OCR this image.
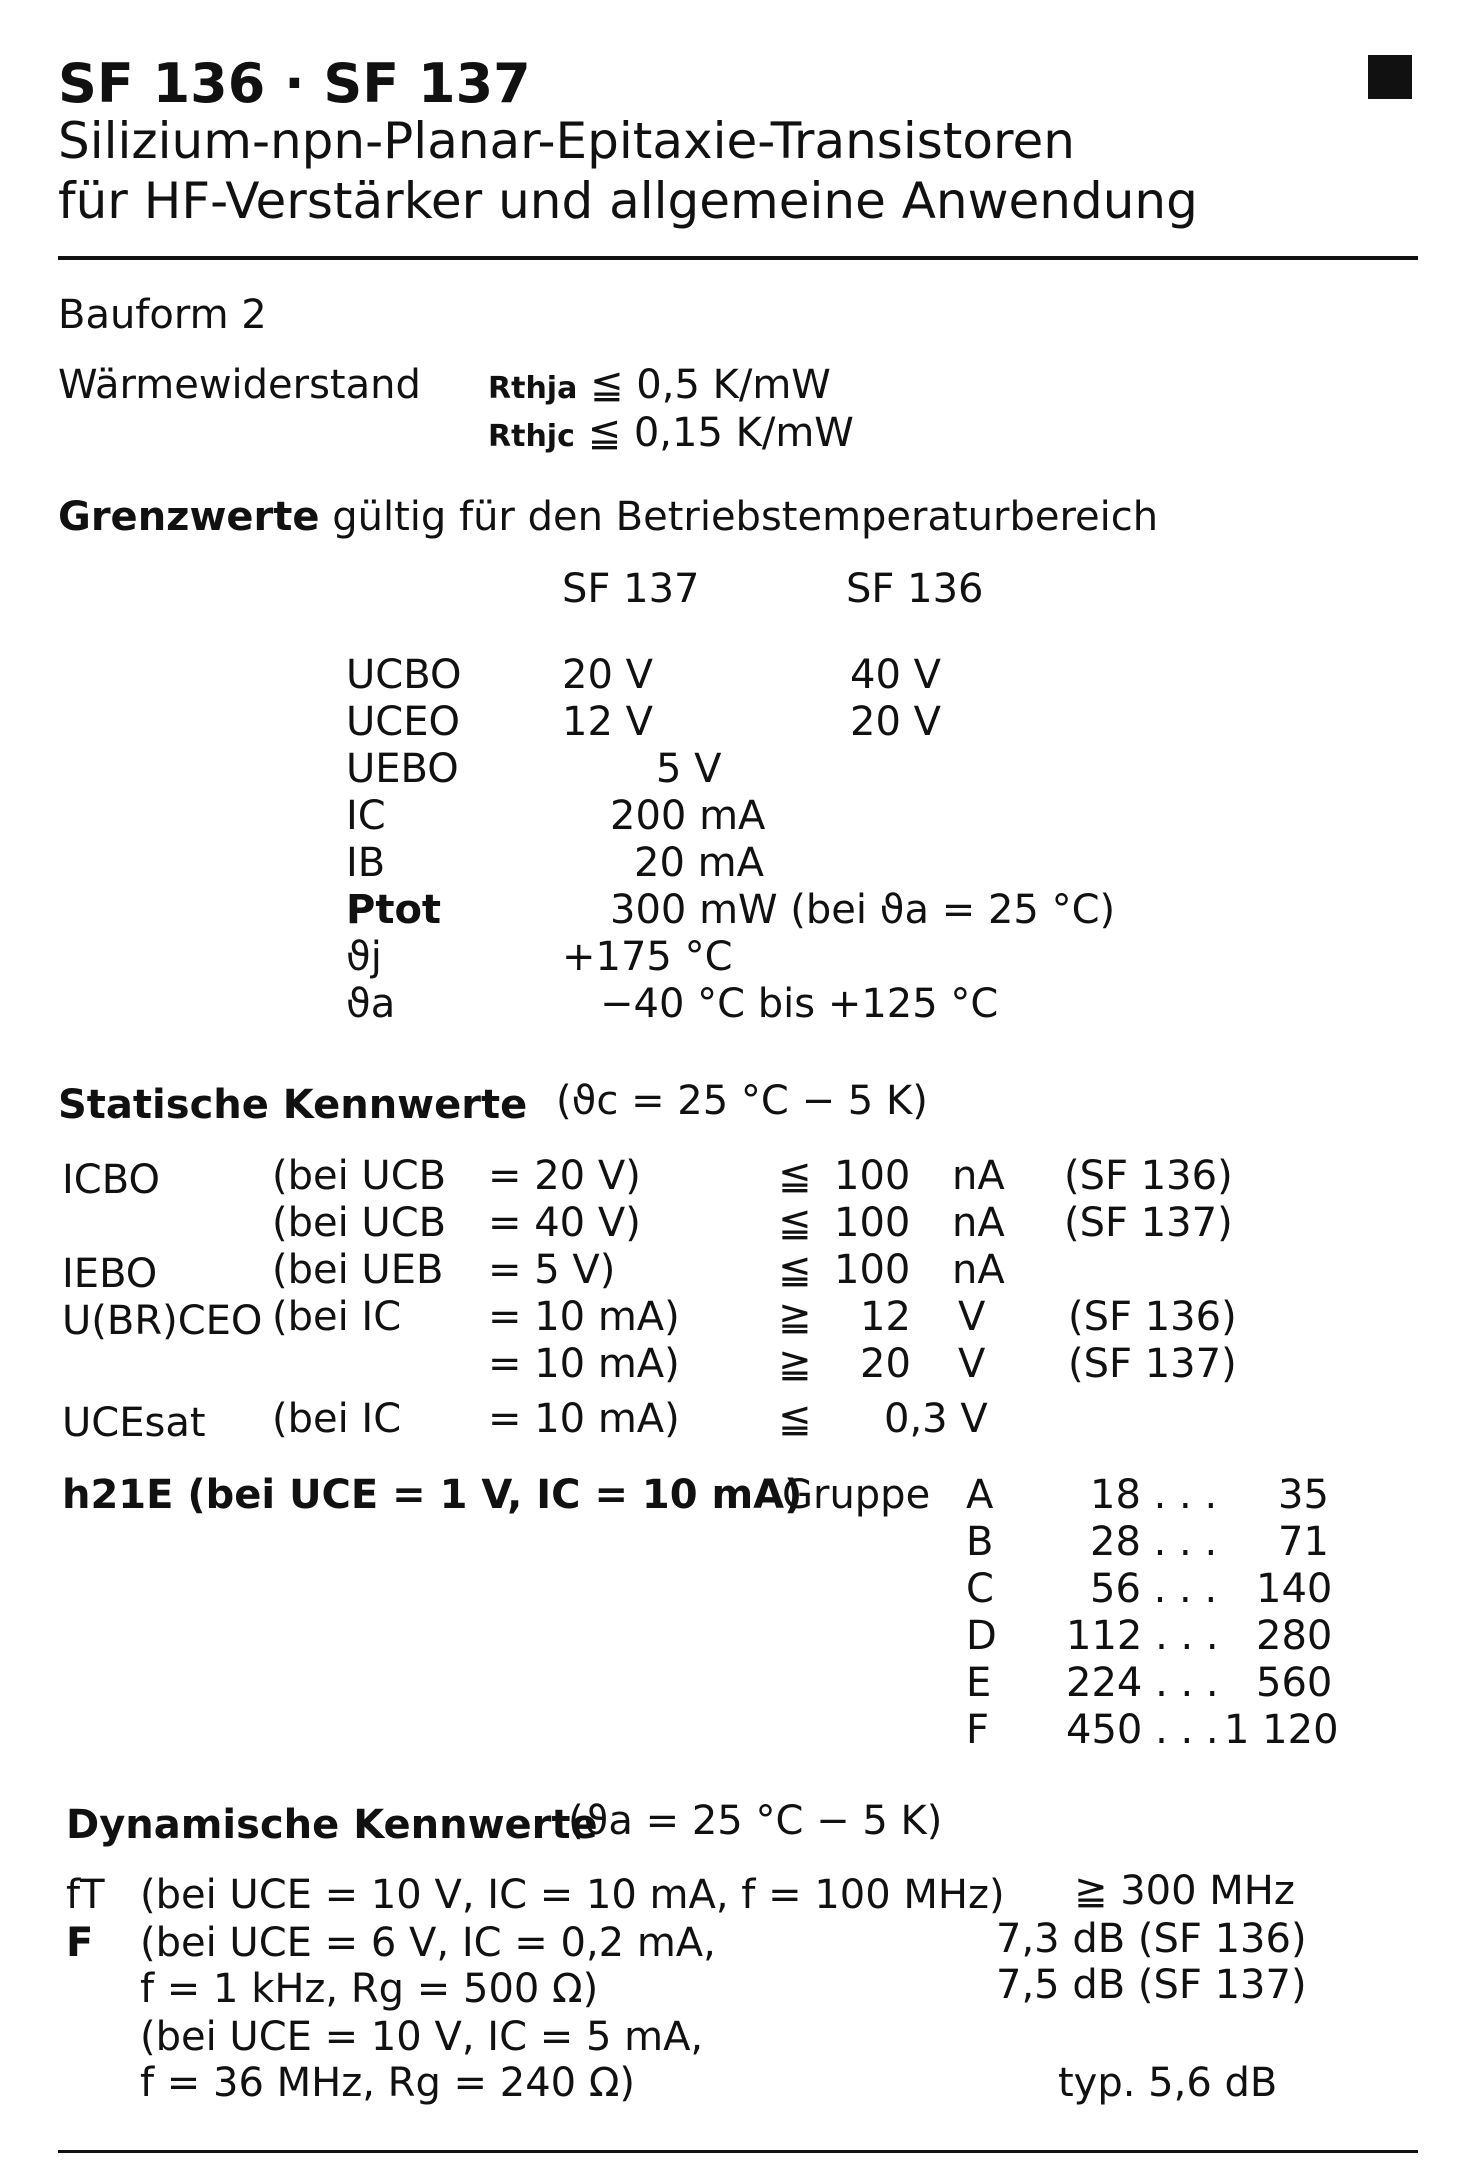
SF 136 · SF 137
Silizium-npn-Planar-Epitaxie-Transistoren
für HF-Verstärker und allgemeine Anwendung
Bauform 2
Wärmewiderstand Rthja ≦ 0,5 K/mW
Rthjc ≦ 0,15 K/mW
Grenzwerte gültig für den Betriebstemperaturbereich
SF 137	SF 136
UCBO	20 V	40 V
UCEO	12 V	20 V
UEBO	5 V
IC	200 mA
IB	20 mA
Ptot	300 mW (bei ϑa = 25 °C)
ϑj	+175 °C
ϑa	−40 °C bis +125 °C
Statische Kennwerte (ϑc = 25 °C − 5 K)
ICBO	(bei UCB = 20 V)	≦ 100 nA (SF 136)
(bei UCB = 40 V)	≦ 100 nA (SF 137)
IEBO	(bei UEB = 5 V)	≦ 100 nA
U(BR)CEO (bei IC = 10 mA) ≧ 12 V (SF 136)
= 10 mA) ≧ 20 V (SF 137)
UCEsat (bei IC = 10 mA) ≦ 0,3 V
h21E (bei UCE = 1 V, IC = 10 mA)
Gruppe A 18 . . . 35
B 28 . . . 71
C 56 . . . 140
D 112 . . . 280
E 224 . . . 560
F 450 . . . 1 120
Dynamische Kennwerte
(ϑa = 25 °C − 5 K)
fT (bei UCE = 10 V, IC = 10 mA, f = 100 MHz) ≧ 300 MHz
F (bei UCE = 6 V, IC = 0,2 mA,	7,3 dB (SF 136)
f = 1 kHz, Rg = 500 Ω)	7,5 dB (SF 137)
(bei UCE = 10 V, IC = 5 mA,
f = 36 MHz, Rg = 240 Ω)	typ. 5,6 dB
